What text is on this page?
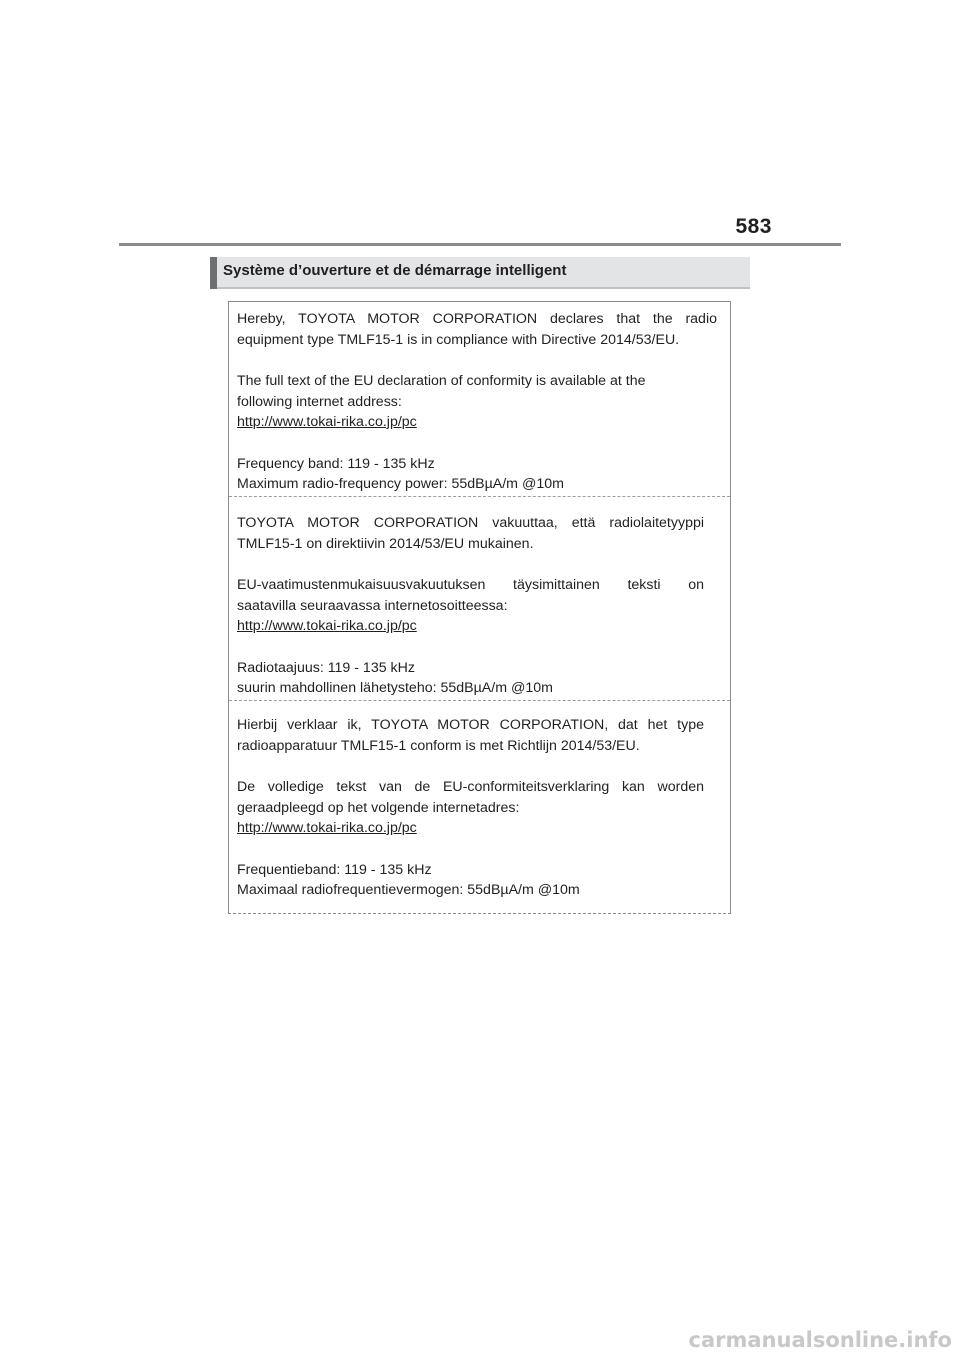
583
Système d’ouverture et de démarrage intelligent

Hereby, TOYOTA MOTOR CORPORATION declares that the radio
equipment type TMLF15-1 is in compliance with Directive 2014/53/EU.

The full text of the EU declaration of conformity is available at the
following internet address:
http://www.tokai-rika.co.jp/pc

Frequency band: 119 - 135 kHz
Maximum radio-frequency power: 55dBµA/m @10m

TOYOTA MOTOR CORPORATION vakuuttaa, että radiolaitetyyppi
TMLF15-1 on direktiivin 2014/53/EU mukainen.

EU-vaatimustenmukaisuusvakuutuksen täysimittainen teksti on
saatavilla seuraavassa internetosoitteessa:
http://www.tokai-rika.co.jp/pc

Radiotaajuus: 119 - 135 kHz
suurin mahdollinen lähetysteho: 55dBµA/m @10m

Hierbij verklaar ik, TOYOTA MOTOR CORPORATION, dat het type
radioapparatuur TMLF15-1 conform is met Richtlijn 2014/53/EU.

De volledige tekst van de EU-conformiteitsverklaring kan worden
geraadpleegd op het volgende internetadres:
http://www.tokai-rika.co.jp/pc

Frequentieband: 119 - 135 kHz
Maximaal radiofrequentievermogen: 55dBµA/m @10m

carmanualsonline.info
